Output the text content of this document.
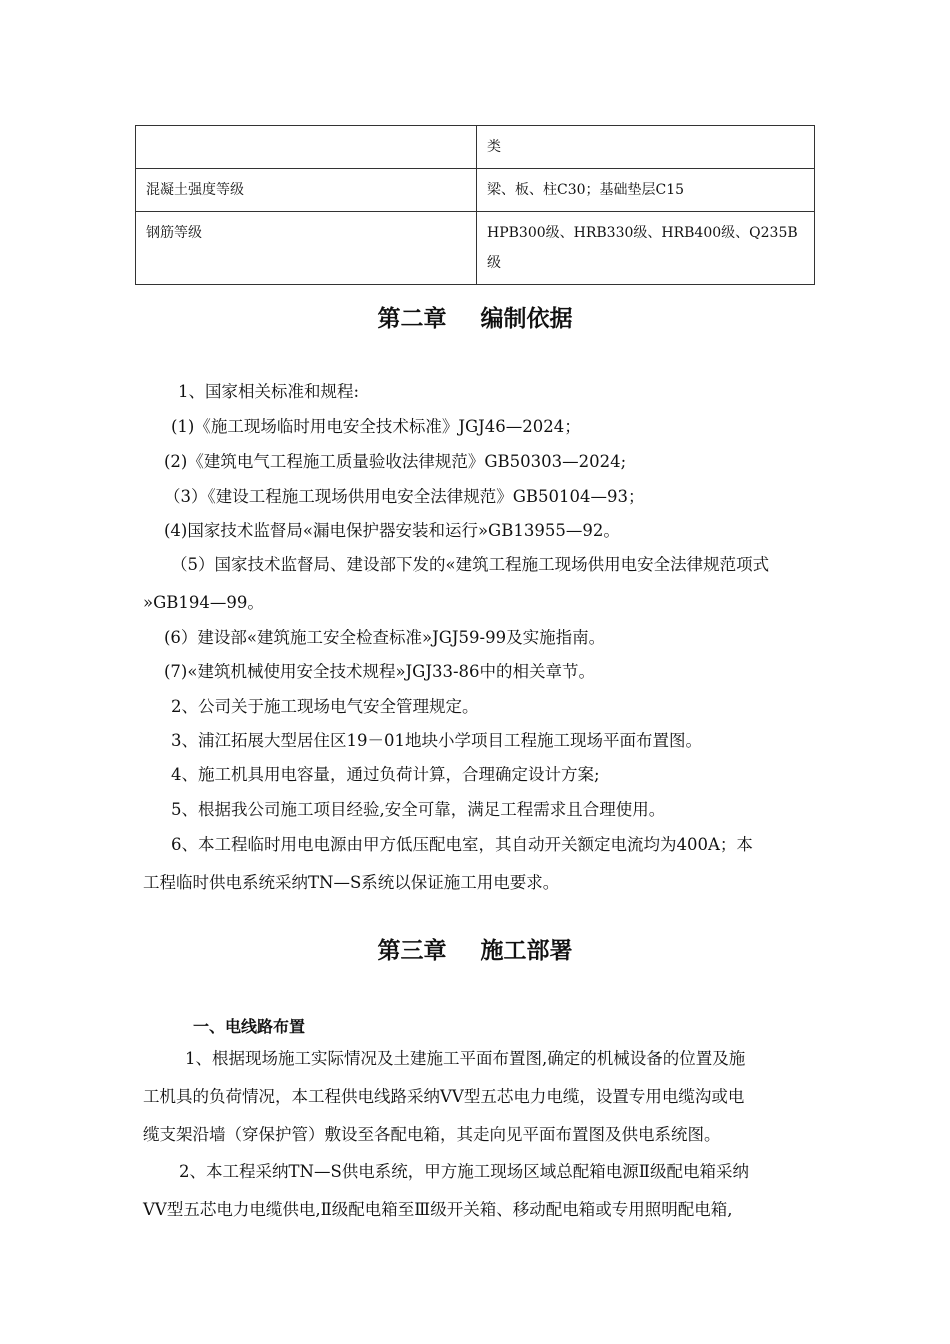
	类
混凝土强度等级	梁、板、柱C30；基础垫层C15
钢筋等级	HPB300级、HRB330级、HRB400级、Q235B
级
第二章 编制依据
1、国家相关标准和规程:
(1)《施工现场临时用电安全技术标准》JGJ46—2024；
(2)《建筑电气工程施工质量验收法律规范》GB50303—2024;
（3）《建设工程施工现场供用电安全法律规范》GB50104—93；
(4)国家技术监督局«漏电保护器安装和运行»GB13955—92。
（5）国家技术监督局、建设部下发的«建筑工程施工现场供用电安全法律规范项式
»GB194—99。
(6）建设部«建筑施工安全检查标准»JGJ59-99及实施指南。
(7)«建筑机械使用安全技术规程»JGJ33-86中的相关章节。
2、公司关于施工现场电气安全管理规定。
3、浦江拓展大型居住区19－01地块小学项目工程施工现场平面布置图。
4、施工机具用电容量，通过负荷计算，合理确定设计方案;
5、根据我公司施工项目经验,安全可靠，满足工程需求且合理使用。
6、本工程临时用电电源由甲方低压配电室，其自动开关额定电流均为400A；本
工程临时供电系统采纳TN—S系统以保证施工用电要求。
第三章 施工部署
一、电线路布置
1、根据现场施工实际情况及土建施工平面布置图,确定的机械设备的位置及施
工机具的负荷情况，本工程供电线路采纳VV型五芯电力电缆，设置专用电缆沟或电
缆支架沿墙（穿保护管）敷设至各配电箱，其走向见平面布置图及供电系统图。
2、本工程采纳TN—S供电系统，甲方施工现场区域总配箱电源Ⅱ级配电箱采纳
VV型五芯电力电缆供电,Ⅱ级配电箱至Ⅲ级开关箱、移动配电箱或专用照明配电箱,
